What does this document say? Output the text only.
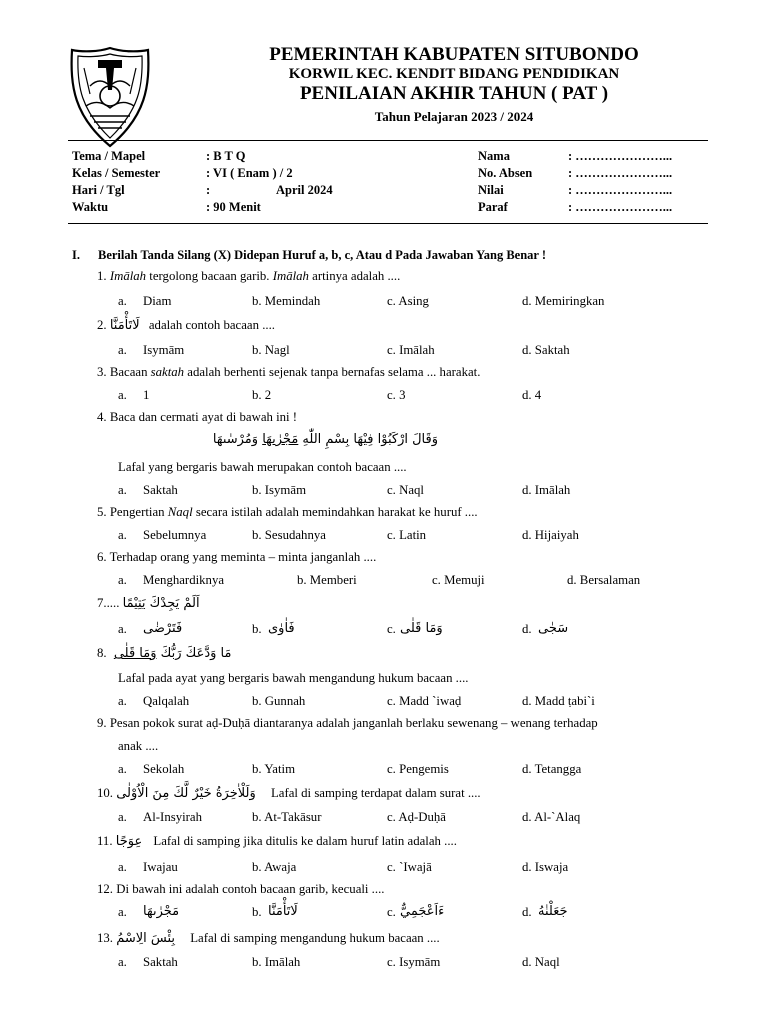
PEMERINTAH KABUPATEN SITUBONDO
KORWIL KEC. KENDIT BIDANG PENDIDIKAN
PENILAIAN AKHIR TAHUN ( PAT )
Tahun Pelajaran 2023 / 2024
Tema / Mapel	: B T Q	Nama	: …………………...
Kelas / Semester	: VI ( Enam ) / 2	No. Absen	: …………………...
Hari / Tgl	:	April 2024	Nilai	: …………………...
Waktu	: 90 Menit	Paraf	: …………………...
I. Berilah Tanda Silang (X) Didepan Huruf a, b, c, Atau d Pada Jawaban Yang Benar !
1. Imālah tergolong bacaan garib. Imālah artinya adalah ....
a. Diam	b. Memindah	c. Asing	d. Memiringkan
2. لَاتَأْمَنَّا adalah contoh bacaan ....
a. Isymām	b. Nagl	c. Imālah	d. Saktah
3. Bacaan saktah adalah berhenti sejenak tanpa bernafas selama ... harakat.
a. 1	b. 2	c. 3	d. 4
4. Baca dan cermati ayat di bawah ini !
وَقَالَ ارْكَبُوْا فِيْهَا بِسْمِ اللّٰهِ مَجْرٰىهَا وَمُرْسٰىهَا
Lafal yang bergaris bawah merupakan contoh bacaan ....
a. Saktah	b. Isymām	c. Naql	d. Imālah
5. Pengertian Naql secara istilah adalah memindahkan harakat ke huruf ....
a. Sebelumnya	b. Sesudahnya	c. Latin	d. Hijaiyah
6. Terhadap orang yang meminta – minta janganlah ....
a. Menghardiknya	b. Memberi	c. Memuji	d. Bersalaman
7..... اَلَمْ يَجِدْكَ يَتِيْمًا
a. فَتَرْضٰى	b. فَاٰوٰى	c. وَمَا قَلٰى	d. سَجٰى
8.	مَا وَدَّعَكَ رَبُّكَ وَمَا قَلٰى
Lafal pada ayat yang bergaris bawah mengandung hukum bacaan ....
a. Qalqalah	b. Gunnah	c. Madd `iwaḍ	d. Madd ṭabi`i
9. Pesan pokok surat aḍ-Duḥā diantaranya adalah janganlah berlaku sewenang – wenang terhadap
anak ....
a. Sekolah	b. Yatim	c. Pengemis	d. Tetangga
10. وَلَلْاٰخِرَةُ خَيْرٌ لَّكَ مِنَ الْاُوْلٰى Lafal di samping terdapat dalam surat ....
a. Al-Insyirah	b. At-Takāsur	c. Aḍ-Duḥā	d. Al-`Alaq
11. عِوَجًا Lafal di samping jika ditulis ke dalam huruf latin adalah ....
a. Iwajau	b. Awaja	c. `Iwajā	d. Iswaja
12. Di bawah ini adalah contoh bacaan garib, kecuali ....
a. مَجْرٰىهَا	b. لَاتَأْمَنَّا	c. ءَاَعْجَمِيٌّ	d. جَعَلْنٰهُ
13. بِئْسَ الِاسْمُ Lafal di samping mengandung hukum bacaan ....
a. Saktah	b. Imālah	c. Isymām	d. Naql
